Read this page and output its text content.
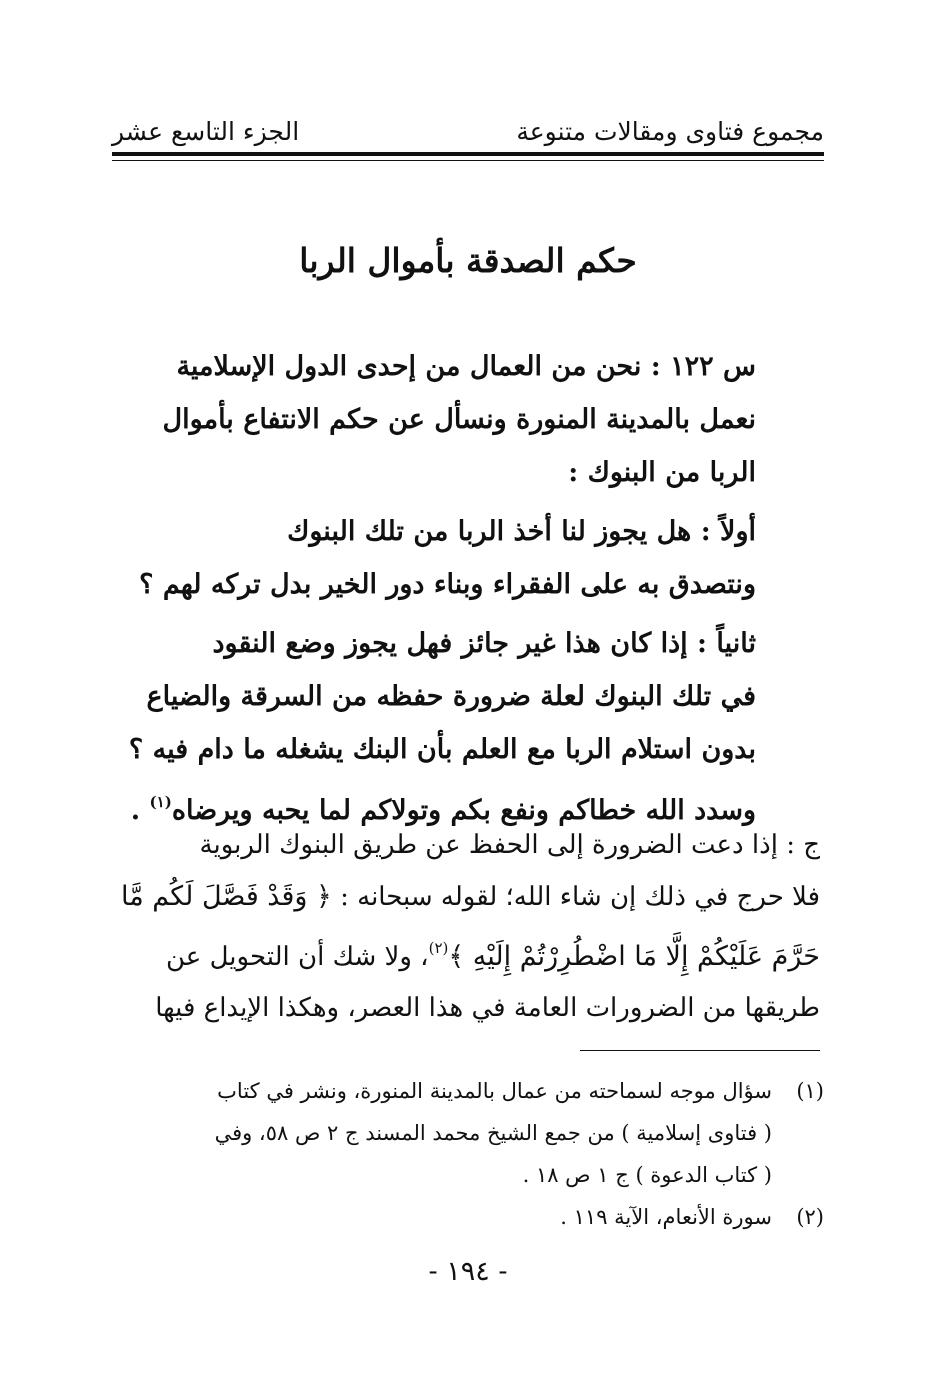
مجموع فتاوى ومقالات متنوعة
الجزء التاسع عشر
حكم الصدقة بأموال الربا

س ١٢٢ : نحن من العمال من إحدى الدول الإسلامية

نعمل بالمدينة المنورة ونسأل عن حكم الانتفاع بأموال

الربا من البنوك :

أولاً : هل يجوز لنا أخذ الربا من تلك البنوك

ونتصدق به على الفقراء وبناء دور الخير بدل تركه لهم ؟

ثانياً : إذا كان هذا غير جائز فهل يجوز وضع النقود

في تلك البنوك لعلة ضرورة حفظه من السرقة والضياع

بدون استلام الربا مع العلم بأن البنك يشغله ما دام فيه ؟

وسدد الله خطاكم ونفع بكم وتولاكم لما يحبه ويرضاه$^{(١)}$ .

ج : إذا دعت الضرورة إلى الحفظ عن طريق البنوك الربوية

فلا حرج في ذلك إن شاء الله؛ لقوله سبحانه : ﴿ وَقَدْ فَصَّلَ لَكُم مَّا

حَرَّمَ عَلَيْكُمْ إِلَّا مَا اضْطُرِرْتُمْ إِلَيْهِ ﴾$^{(٢)}$، ولا شك أن التحويل عن

طريقها من الضرورات العامة في هذا العصر، وهكذا الإيداع فيها

(١)
سؤال موجه لسماحته من عمال بالمدينة المنورة، ونشر في كتاب
( فتاوى إسلامية ) من جمع الشيخ محمد المسند ج ٢ ص ٥٨، وفي
( كتاب الدعوة ) ج ١ ص ١٨ .
(٢)
سورة الأنعام، الآية ١١٩ .
- ١٩٤ -
